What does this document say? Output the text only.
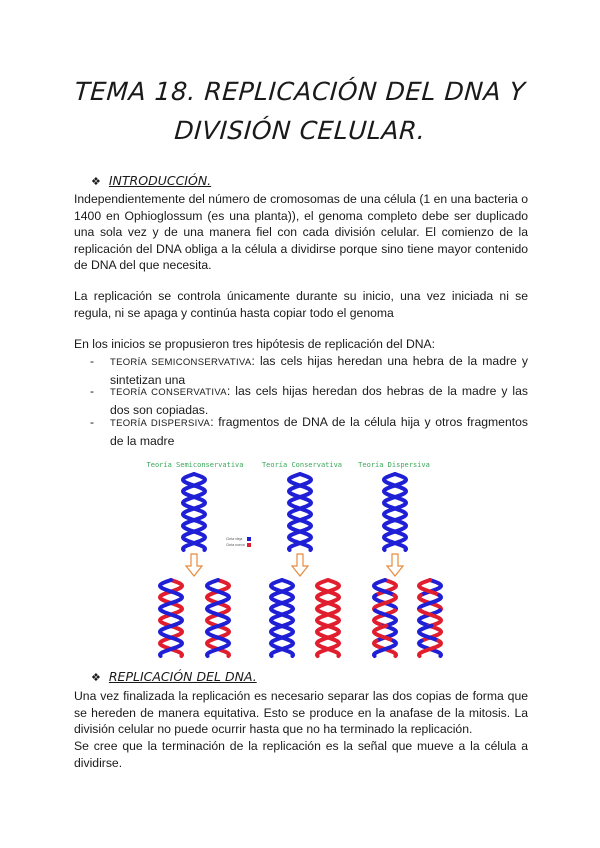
TEMA 18. REPLICACIÓN DEL DNA Y
DIVISIÓN CELULAR.
❖ INTRODUCCIÓN.
Independientemente del número de cromosomas de una célula (1 en una bacteria o
1400 en Ophioglossum (es una planta)), el genoma completo debe ser duplicado
una sola vez y de una manera fiel con cada división celular. El comienzo de la
replicación del DNA obliga a la célula a dividirse porque sino tiene mayor contenido
de DNA del que necesita.
La replicación se controla únicamente durante su inicio, una vez iniciada ni se
regula, ni se apaga y continúa hasta copiar todo el genoma
En los inicios se propusieron tres hipótesis de replicación del DNA:
- TEORÍA SEMICONSERVATIVA: las cels hijas heredan una hebra de la madre y sintetizan una
- TEORÍA CONSERVATIVA: las cels hijas heredan dos hebras de la madre y las dos son copiadas.
- TEORÍA DISPERSIVA: fragmentos de DNA de la célula hija y otros fragmentos de la madre
Teoría Semiconservativa	Teoría Conservativa Teoría Dispersiva
Cinta vieja
Cinta nueva
❖ REPLICACIÓN DEL DNA.
Una vez finalizada la replicación es necesario separar las dos copias de forma que
se hereden de manera equitativa. Esto se produce en la anafase de la mitosis. La
división celular no puede ocurrir hasta que no ha terminado la replicación.
Se cree que la terminación de la replicación es la señal que mueve a la célula a
dividirse.
